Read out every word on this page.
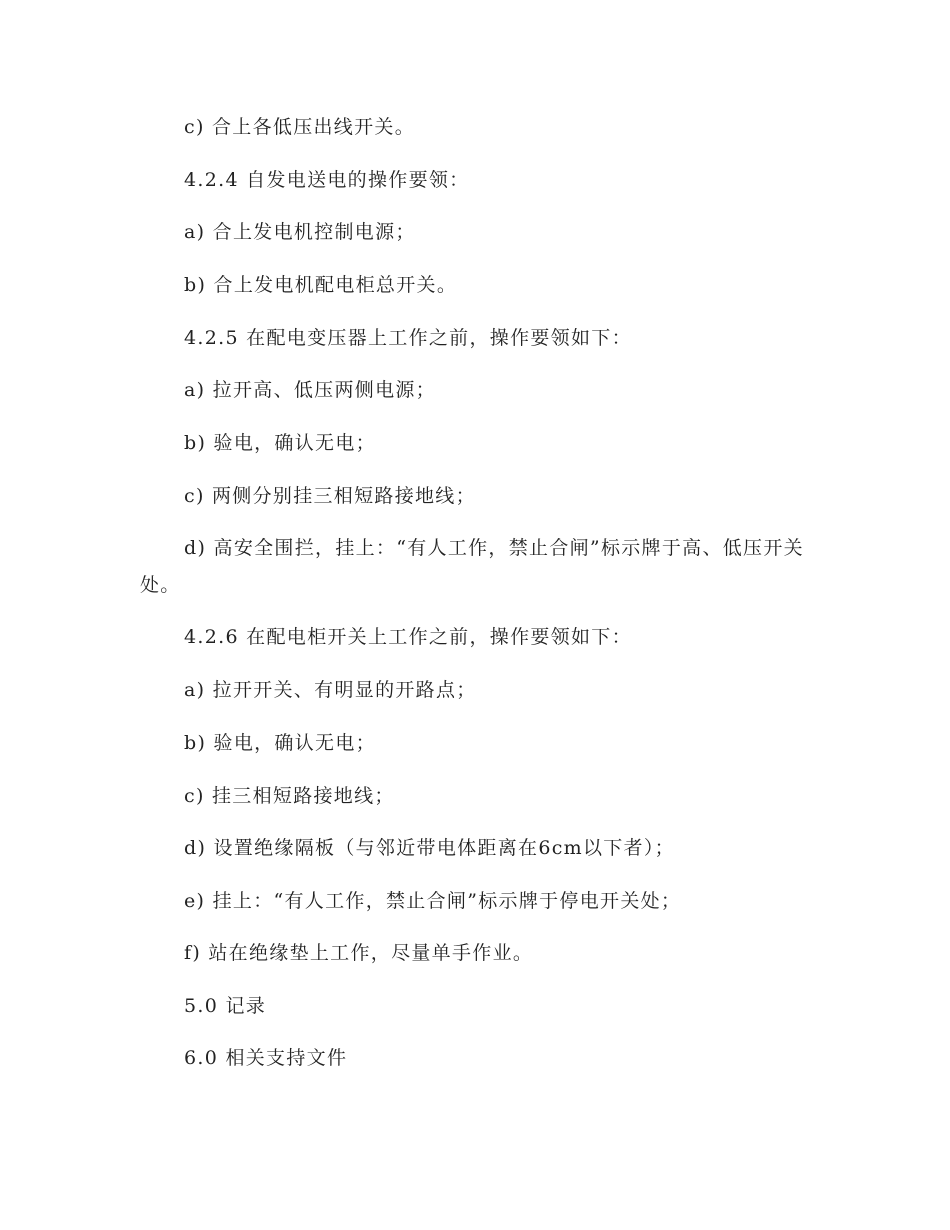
c) 合上各低压出线开关。
4.2.4 自发电送电的操作要领：
a) 合上发电机控制电源；
b) 合上发电机配电柜总开关。
4.2.5 在配电变压器上工作之前，操作要领如下：
a) 拉开高、低压两侧电源；
b) 验电，确认无电；
c) 两侧分别挂三相短路接地线；
d) 高安全围拦，挂上：“有人工作，禁止合闸”标示牌于高、低压开关处。
4.2.6 在配电柜开关上工作之前，操作要领如下：
a) 拉开开关、有明显的开路点；
b) 验电，确认无电；
c) 挂三相短路接地线；
d) 设置绝缘隔板（与邻近带电体距离在6cm以下者）；
e) 挂上：“有人工作，禁止合闸”标示牌于停电开关处；
f) 站在绝缘垫上工作，尽量单手作业。
5.0 记录
6.0 相关支持文件
